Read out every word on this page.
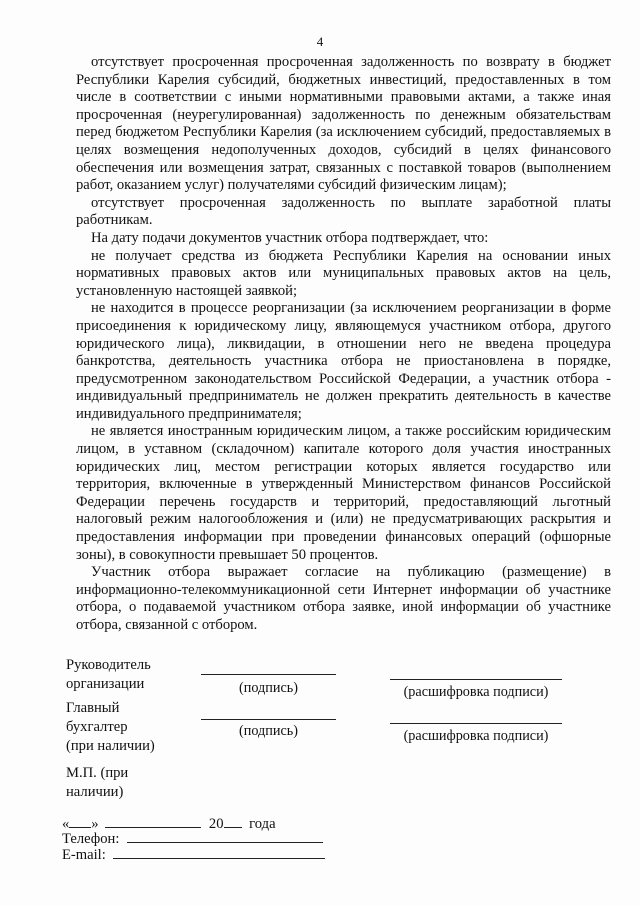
4

отсутствует просроченная просроченная задолженность по возврату в бюджет Республики Карелия субсидий, бюджетных инвестиций, предоставленных в том числе в соответствии с иными нормативными правовыми актами, а также иная просроченная (неурегулированная) задолженность по денежным обязательствам перед бюджетом Республики Карелия (за исключением субсидий, предоставляемых в целях возмещения недополученных доходов, субсидий в целях финансового обеспечения или возмещения затрат, связанных с поставкой товаров (выполнением работ, оказанием услуг) получателями субсидий физическим лицам);

отсутствует просроченная задолженность по выплате заработной платы работникам.

На дату подачи документов участник отбора подтверждает, что:

не получает средства из бюджета Республики Карелия на основании иных нормативных правовых актов или муниципальных правовых актов на цель, установленную настоящей заявкой;

не находится в процессе реорганизации (за исключением реорганизации в форме присоединения к юридическому лицу, являющемуся участником отбора, другого юридического лица), ликвидации, в отношении него не введена процедура банкротства, деятельность участника отбора не приостановлена в порядке, предусмотренном законодательством Российской Федерации, а участник отбора - индивидуальный предприниматель не должен прекратить деятельность в качестве индивидуального предпринимателя;

не является иностранным юридическим лицом, а также российским юридическим лицом, в уставном (складочном) капитале которого доля участия иностранных юридических лиц, местом регистрации которых является государство или территория, включенные в утвержденный Министерством финансов Российской Федерации перечень государств и территорий, предоставляющий льготный налоговый режим налогообложения и (или) не предусматривающих раскрытия и предоставления информации при проведении финансовых операций (офшорные зоны), в совокупности превышает 50 процентов.

Участник отбора выражает согласие на публикацию (размещение) в информационно-телекоммуникационной сети Интернет информации об участнике отбора, о подаваемой участником отбора заявке, иной информации об участнике отбора, связанной с отбором.

Руководитель
организации	(подпись)	(расшифровка подписи)
Главный
бухгалтер
(при наличии)
(подпись)	(расшифровка подписи)
М.П. (при
наличии)
« »	20 года
Телефон:
E-mail:
